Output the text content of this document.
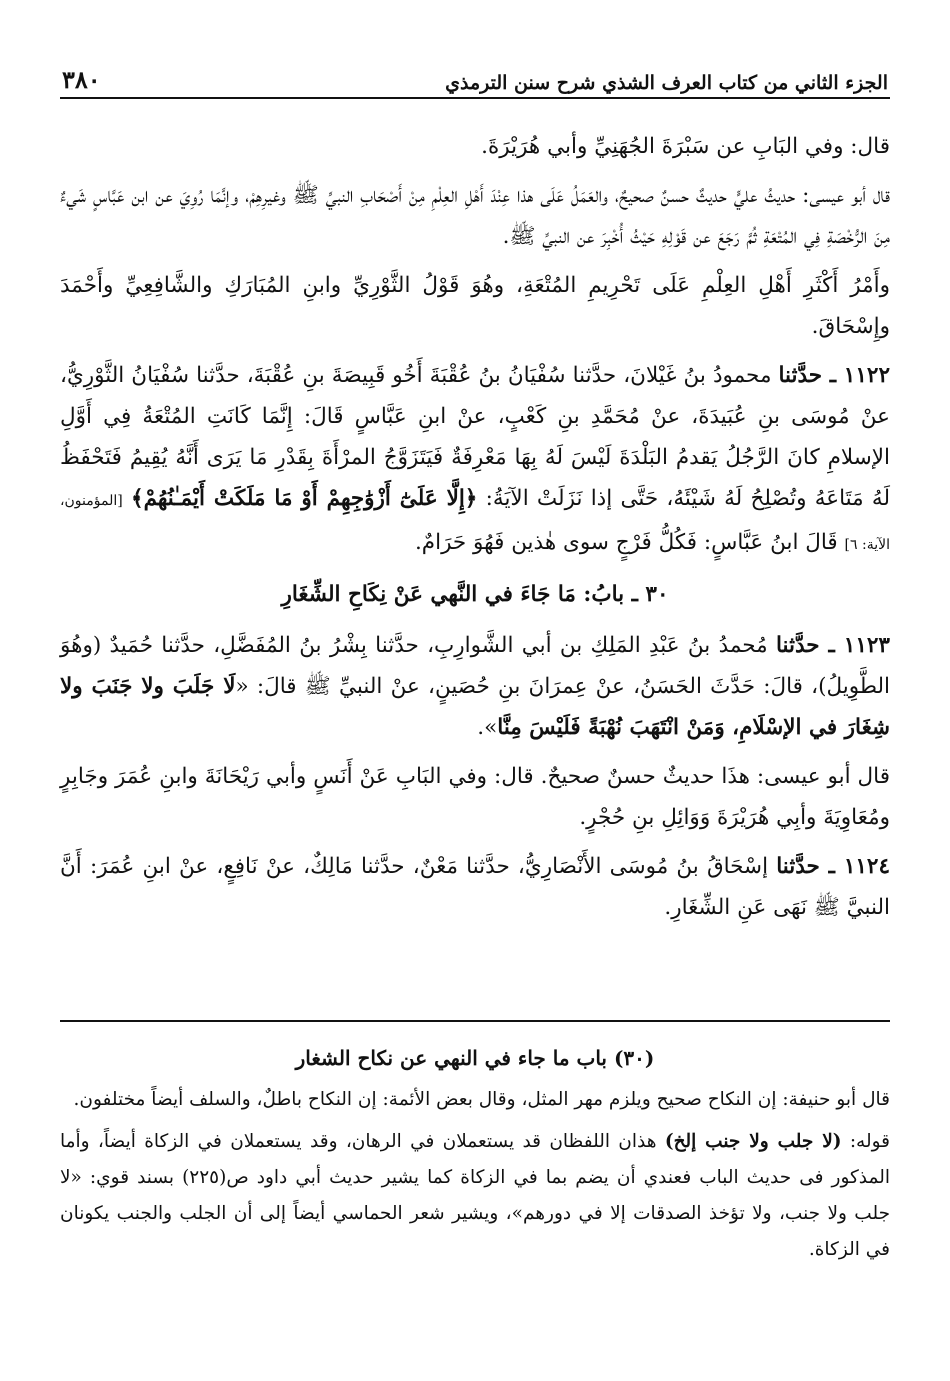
الجزء الثاني من كتاب العرف الشذي شرح سنن الترمذي
٣٨٠

قال: وفي البَابِ عن سَبْرَةَ الجُهَنِيِّ وأبي هُرَيْرَةَ.

قال أبو عيسى: حديثُ عليٍّ حديثٌ حسنٌ صحيحٌ، والعَمَلُ عَلَى هذا عِنْدَ أَهْلِ العِلْمِ مِنْ أَصْحَابِ النبيِّ ﷺ وغيرِهِمْ، وإنَّمَا رُوِيَ عن ابن عَبَّاسٍ شَيءٌ مِنَ الرُّخْصَةِ فِي المُتْعَةِ ثُمَّ رَجَعَ عن قَوْلِهِ حَيْثُ أُخْبِرَ عن النبيِّ ﷺ.

وأَمْرُ أَكْثَرِ أَهْلِ العِلْمِ عَلَى تَحْرِيمِ المُتْعَةِ، وهُوَ قَوْلُ الثَّوْرِيِّ وابنِ المُبَارَكِ والشَّافِعِيِّ وأَحْمَدَ وإِسْحَاقَ.

١١٢٢ ـ حدَّثنا محمودُ بنُ غَيْلانَ، حدَّثنا سُفْيَانُ بنُ عُقْبَةَ أَخُو قَبِيصَةَ بنِ عُقْبَةَ، حدَّثنا سُفْيَانُ الثَّوْرِيُّ، عنْ مُوسَى بنِ عُبَيدَةَ، عنْ مُحَمَّدِ بنِ كَعْبٍ، عنْ ابنِ عَبَّاسٍ قَالَ: إِنَّمَا كَانَتِ المُتْعَةُ فِي أَوَّلِ الإسلامِ كانَ الرَّجُلُ يَقدمُ البَلْدَةَ لَيْسَ لَهُ بِهَا مَعْرِفَةٌ فَيَتَزَوَّجُ المرْأَةَ بِقَدْرِ مَا يَرَى أَنَّهُ يُقِيمُ فَتَحْفَظُ لَهُ مَتَاعَهُ وتُصْلِحُ لَهُ شَيْئَهُ، حَتَّى إذا نَزَلَتْ الآيَةُ: ﴿إِلَّا عَلَىٰٓ أَزْوَٰجِهِمْ أَوْ مَا مَلَكَتْ أَيْمَـٰنُهُمْ﴾ [المؤمنون، الآية: ٦] قَالَ ابنُ عَبَّاسٍ: فَكُلُّ فَرْجٍ سوى هٰذين فَهُوَ حَرَامٌ.

٣٠ ـ بابُ: مَا جَاءَ في النَّهي عَنْ نِكَاحِ الشِّغَارِ

١١٢٣ ـ حدَّثنا مُحمدُ بنُ عَبْدِ المَلِكِ بن أبي الشَّوارِبِ، حدَّثنا بِشْرُ بنُ المُفَضَّلِ، حدَّثنا حُمَيدٌ (وهُوَ الطَّوِيلُ)، قالَ: حَدَّثَ الحَسَنُ، عنْ عِمرَانَ بنِ حُصَينٍ، عنْ النبيِّ ﷺ قالَ: «لَا جَلَبَ ولا جَنَبَ ولا شِغَارَ في الإسْلَامِ، وَمَنْ انْتَهَبَ نُهْبَةً فَلَيْسَ مِنَّا».

قال أبو عيسى: هذَا حديثٌ حسنٌ صحيحٌ. قال: وفي البَابِ عَنْ أَنَسٍ وأبي رَيْحَانَةَ وابنِ عُمَرَ وجَابِرٍ ومُعَاوِيَةَ وأبِي هُرَيْرَةَ وَوَائِلِ بنِ حُجْرٍ.

١١٢٤ ـ حدَّثنا إسْحَاقُ بنُ مُوسَى الأَنْصَارِيُّ، حدَّثنا مَعْنٌ، حدَّثنا مَالِكٌ، عنْ نَافِعٍ، عنْ ابنِ عُمَرَ: أَنَّ النبيَّ ﷺ نَهَى عَنِ الشِّغَارِ.

(٣٠) باب ما جاء في النهي عن نكاح الشغار

قال أبو حنيفة: إن النكاح صحيح ويلزم مهر المثل، وقال بعض الأئمة: إن النكاح باطلٌ، والسلف أيضاً مختلفون.

قوله: (لا جلب ولا جنب إلخ) هذان اللفظان قد يستعملان في الرهان، وقد يستعملان في الزكاة أيضاً، وأما المذكور فى حديث الباب فعندي أن يضم بما في الزكاة كما يشير حديث أبي داود ص(٢٢٥) بسند قوي: «لا جلب ولا جنب، ولا تؤخذ الصدقات إلا في دورهم»، ويشير شعر الحماسي أيضاً إلى أن الجلب والجنب يكونان في الزكاة.
